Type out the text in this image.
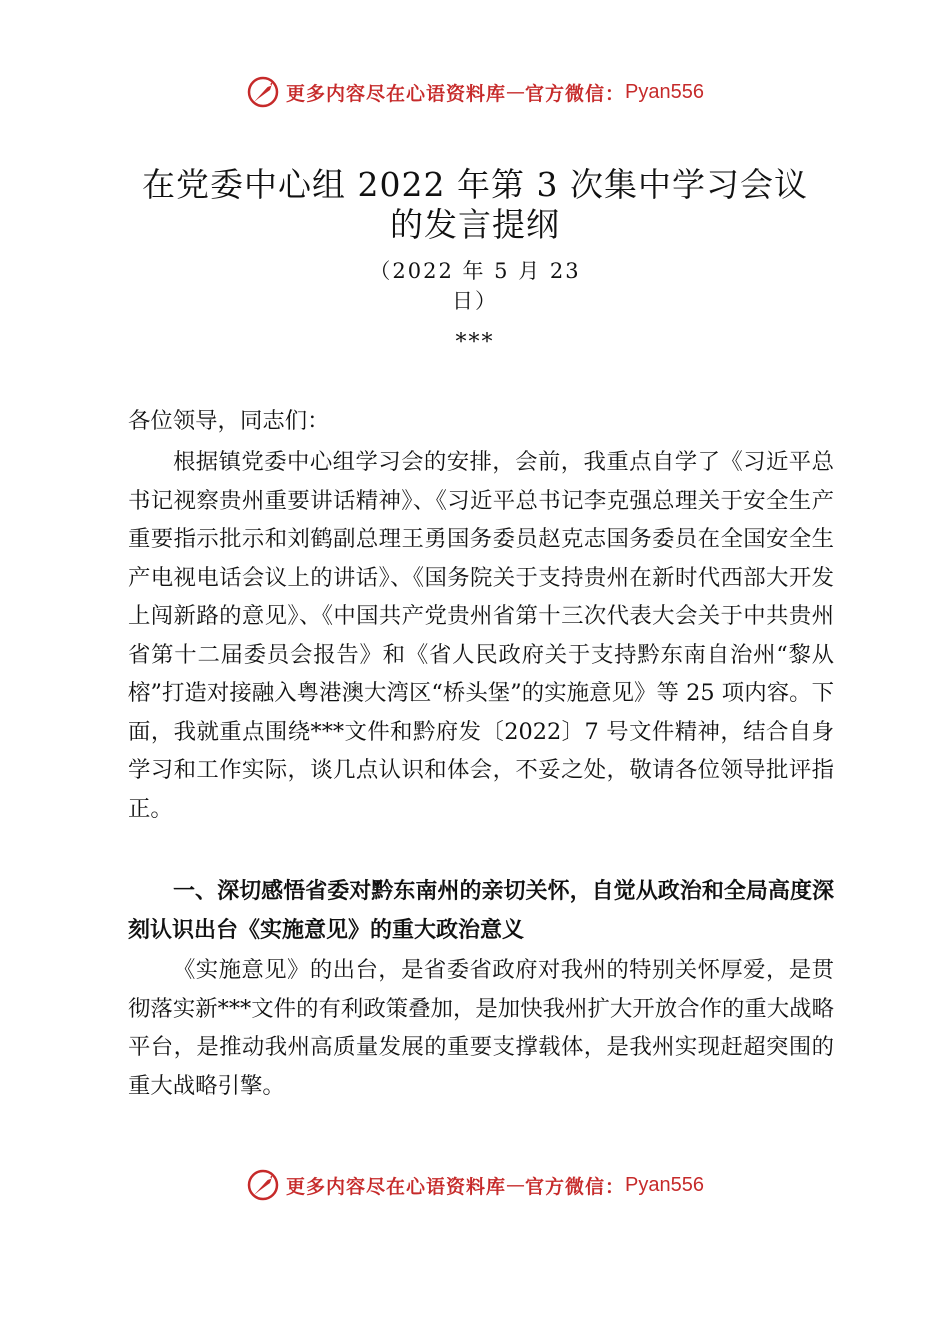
更多内容尽在心语资料库 — 官方微信： Pyan556
在党委中心组 2022 年第 3 次集中学习会议的发言提纲
（2022 年 5 月 23 日）
***
各位领导，同志们：
根据镇党委中心组学习会的安排，会前，我重点自学了《习近平总书记视察贵州重要讲话精神》、《习近平总书记李克强总理关于安全生产重要指示批示和刘鹤副总理王勇国务委员赵克志国务委员在全国安全生产电视电话会议上的讲话》、《国务院关于支持贵州在新时代西部大开发上闯新路的意见》、《中国共产党贵州省第十三次代表大会关于中共贵州省第十二届委员会报告》和《省人民政府关于支持黔东南自治州“黎从榕”打造对接融入粤港澳大湾区“桥头堡”的实施意见》等 25 项内容。下面，我就重点围绕***文件和黔府发〔2022〕7 号文件精神，结合自身学习和工作实际，谈几点认识和体会，不妥之处，敬请各位领导批评指正。
一、深切感悟省委对黔东南州的亲切关怀，自觉从政治和全局高度深刻认识出台《实施意见》的重大政治意义
《实施意见》的出台，是省委省政府对我州的特别关怀厚爱，是贯彻落实新***文件的有利政策叠加，是加快我州扩大开放合作的重大战略平台，是推动我州高质量发展的重要支撑载体，是我州实现赶超突围的重大战略引擎。
更多内容尽在心语资料库 — 官方微信： Pyan556
